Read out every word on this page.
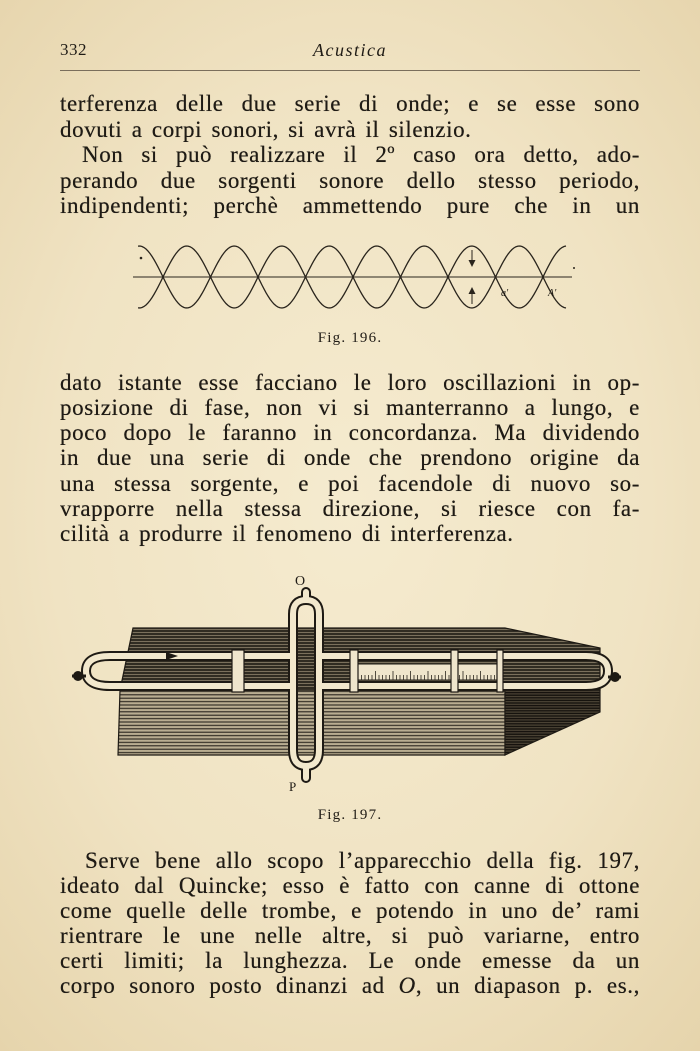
332	Acustica
terferenza delle due serie di onde; e se esse sono
dovuti a corpi sonori, si avrà il silenzio.
Non si può realizzare il 2º caso ora detto, ado-
perando due sorgenti sonore dello stesso periodo,
indipendenti; perchè ammettendo pure che in un
a'	A'
Fig. 196.
dato istante esse facciano le loro oscillazioni in op-
posizione di fase, non vi si manterranno a lungo, e
poco dopo le faranno in concordanza. Ma dividendo
in due una serie di onde che prendono origine da
una stessa sorgente, e poi facendole di nuovo so-
vrapporre nella stessa direzione, si riesce con fa-
cilità a produrre il fenomeno di interferenza.
O
P
Fig. 197.
Serve bene allo scopo l’apparecchio della fig. 197,
ideato dal Quincke; esso è fatto con canne di ottone
come quelle delle trombe, e potendo in uno de’ rami
rientrare le une nelle altre, si può variarne, entro
certi limiti; la lunghezza. Le onde emesse da un
corpo sonoro posto dinanzi ad O, un diapason p. es.,
